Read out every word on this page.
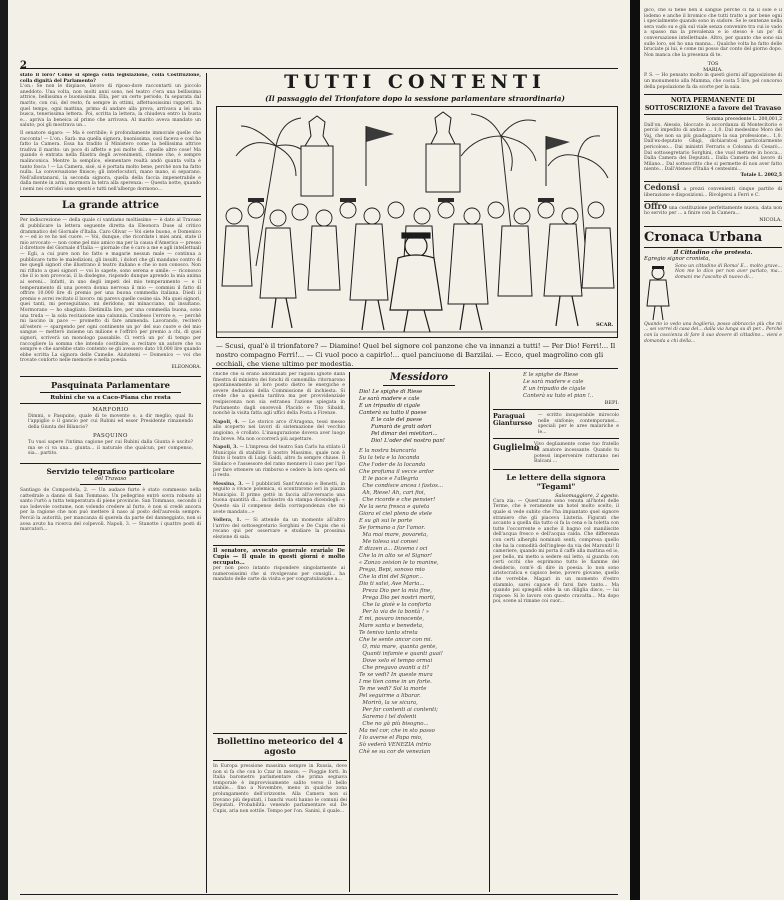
2
stato il loro? Come si spiega colla legislazione, colla Costituzione, colla dignità del Parlamento?
L'on.: Se non le dispiace, lavoro di riposo-dore raccontarti un piccolo aneddoto. Una volta, non molti anni sono, nel teatro c'era una bellissima attrice, bellissima e buonissima. Ella, per un certo periodo, fu separata dal marito, con cui, del resto, fu sempre in ottimi, affettuosissimi rapporti. In quel tempo, ogni mattina, prima di andare alla prova, arrivava a lei una busca, tenerissima lettera. Poi, scritta la lettera, la chiudeva entro la busta e... apriva la beneica al primo che arrivava. Al marito aveva mandato un saluto; poi gli mostrava un...
Il senatore sigaro: — Ma è cerribile; è profondamente immorale quelle che racconta! — L'on.: Sarà: ma quella signora, buonissima, così faceva e così ha fatto la Camera. Essa ha tradito il Ministero come la bellissima attrice tradiva il marito: un poco di affetto e poi molte di... quelle altre cose! Ma quando è entrata nella filastra degli avvenimenti, ritenne che, è sempre malinconica. Mentre la semplice, elementare realtà andò quanta volta è tanto fosca ! — La Camera, sisé, si è portata molto bene, perché non ha fatto nulla. La conversazione finisce; gli interlocutori, mano mano, si separano. Nell'allontanarsi, la seconda signora, quella della faccia impenetrabile e dalla mente in armi, mormora la tetra alla sperenza: — Questa notte, quando i nemi nei corridoi sono spenti e tutti nell'albergo dormono...
La grande attrice
Per indiscrezione — della quale ci vantiamo moltissimo — è dato al Travaso di pubblicare la lettera seguente diretta da Eleonora Duse al critico drammatico del Giornale d'Italia. Caro Olivar — Voi siete buono, e Domenico e — ed io ve ho nel cuore. — Voi, dunque, che ricordate i miei anni, state il mio avvocato — non come pel mio amico ma per la causa d'America — presso il direttore del Giornale d'Italia — giornale che è caro a me e agli intellettuali — Egli, a cui pure non ho fatto e magarie nessun male — continua a pubblicare tutte le maledizioni, gli insulti, i dolori che gli mandano contro di me quegli signori che illustrano il teatro italiano e che io non conosco. Non mi rifiuto a quei signori — voi lo sapete, sono serena e umile: — riconosco che il io non provocai, il la disdegno, rispondo dunque aprendo la mia anima ai sereni... Infatti, in uno degli impeti del mio temperamento — e il temperamento di una povera donna nervosa il mio — commisi il fatto di offrire 10.000 lire di premio per una buona commedia italiana. Diedi il premio e avrei recitato il lavoro: mi parevs quelle cosine sia. Ma quei signori, quei tanti, mi perseguitano, mi deridono, mi minacciano, mi insultano. Mormorano — ho sbagliato. Dietimilla lire, per una commedia buona, sono una truda — la sola recitazione una calunnia. Confesso l'errore e, — perchè mi lascino in pace — prometto di fare ammenda. Lavorando, reciterò all'estero — spargendo per ogni continente un po' del suo cuore e del mio sangue — metterò insieme un milione e l'offrirò per premio a chi, di quei signori, scriverà un monologo passabile. Ci verrà un po' di tempo per raccogliere la somma che intendo costituire, a recitare un autore che va sempre e che sarebbe stato contento se gli avessero dato 10,000 lire quando ebbe scritta La signora delle Camelie. Aiutatemi — Domenico — voi che trovate conforto nelle memorie e nella poesia.
ELEONORA.
Pasquinata Parlamentare
Rubini che va a Caco-Piana che resta
MARFORIO
Dimmi, o Pasquino, quale di te movente o, a dir meglio, qual fu l'appiglio o il gancio per cui Rubini ed esser Presidente rimanendo della Giunta del Bilancio?
PASQUINO
Tu vuoi sapere l'intima cagione per cui Rubini dalla Giunta è uscito? ma se ci va una... giunta... il naturale che qualcun, per compenso, sia... partito.
Servizio telegrafico particolare
del Travaso
Santiago de Compostela, 2. — Un audace furto è stato commesso nella cattedrale a danno di San Tommaso. Un pellegrino entrò sovra robusto al santo l'urtò a tutta temperatura di piene provincie. San Tommaso, secondo il suo lodevole costume, non volendo credere al furto, è non si credè ancora per la ragione che non può mettere il naso al posto dell'aureola sempre. Perciò la autorità, per mancanza di querela da parte del danneggiato, non si avea avuto ha ricerca del colpevoli. Napoli, 3. — Stanotte i quattro posti di marcatori...
TUTTI CONTENTI
(Il passaggio del Trionfatore dopo la sessione parlamentare straordinaria)
SCAR.
— Scusi, qual'è il trionfatore? — Diamine! Quel bel signore col panzone che va innanzi a tutti! — Per Dio! Ferri!... Il nostro compagno Ferri!... — Ci vuol poco a capirlo!... quel panciuone di Barzilai. — Ecco, quel magrolino con gli occhiali, che viene ultimo per modestia.
chiche che si erano allontanati per ragioni ignote dalla finestra di ministro dei fonchi di camomilla: ritornarono spontaneamente al loro posto dietro le energiche e severe deduzioni della Commissione di inchiesta. Si crede che a questa tardiva ma per provvidenziale resipiscenza non sia estranea l'azione spiegata in Parlamento dagli onorevoli Placido e Tito Sibaldi, nonchè la visita fatta agli uffici della Posta a Firenze.
Napoli, 4. — Le storico arco d'Aragona, tessi messo allo scoperto nei lavori di sistemazione del vecchio angioino, è crollato. L'inaugurazione doveva aver luogo fra breve. Ma non occorrerà più aspettare.
Napoli, 3. — L'impresa del teatro San Carlo ha stilato il Municipio di stabilire il nostro Massimo, quale non è finito il teatro di Luigi Galdi, altro fa sempre chiuse. Il Sindaco e l'assessore del ramo mennero il caso per l'ipo per fare ottenere un rimborso e cedere la loro opera ed il resto.
Messina, 3. — I pubblicisti Sant'Antonio e Benetti, in seguito a vivace polemica, si scontrarono ieri in piazza Municipio. Il primo gettò in faccia all'avversario una buona quantità di... inchiostro da stampa dicendogli: « Questo sia il compenso della corrispondenza che mi avete mandato...»
Vollera, 1. — Si attende da un momento all'altro l'arrivo del sottosegretario Sorghini e De Cupis che si recano qui per osservare e studiare la prossima elezione di sala.
Il senatore, avvocato generale erariale De Cupis — Il quale in questi giorni è molto occupato...
per non poco intanto rispondere singolarmente ai numerosissimi che si rivolgevano per consigli... ha mandato delle carte da visita e per congratulazione a...
Bollettino meteorico del 4 agosto
In Europa pressione massima sempre in Russia, dove non si fa che con lo Czar in mezzo. — Pioggie forti. In Italia barometro parlamentare che prima segnava temporale è improvvisamente salito verso il bello stabile... fino a Novembre, meno in qualche zona prolungamento dell'orizzonte. Alla Camera non si trovano più deputati, i banchi vuoti hanno le comuni dei Deputati. Probabilità: venendo parlamentare sul De Cupis, aria non sottile. Tempo per l'on. Sanini, il quale...
Messidoro
Dio! Le spighe di Riese
Le sarà madere e cale
E un tripudio di cigale
Canterà su tutto il paese
E le cale del paese
Fumarà de grati odori
Pel dimar dei mietitori...
Dio! L'oder del nostro pan!
E la nostra biancaria
Su la tela e la locanda
Che l'oder de la locanda
Che profuma il vecce ardor
E le pace e l'allegria
Che condisce ancea i fastos...
Ah, Riese! Ah, cari fioi,
Che ricorde e che pensier!
Ne la sera fresca e quieta
Giora el ciel pleno de stele
E su gli sui le porte
Se formano a far l'amor.
Ma mai mare, povareta,
Me tolesa sui consei
E dizzen a... Dizemo i oci
Che la in alto xe el Signor!
« Zonzo zeision le to manine,
Prega, Bepi, sonoso mio
Che la dini del Signor...
Dio ti salvi, Ave Maria...
Preza Dio per la mia fine,
Prega Dio pei nostri morti,
Che la gioiè e la conforta
Per la via de la bontà ! »
E mi, povaro innocente,
Mare santa e benedeta,
Te tenivo tanto streta
Che te sente ancor con mi.
O, mia mare, quanta gente,
Quanti infamie e quanti guai!
Dove xelo el tempo ormai
Che pregavo avanti a ti?
Te xe vedi? In queste mura
I me tien come in un forte.
Te me vedi? Sol la morte
Pel seguirme a libarar.
Morirò, la xe sicura,
Per far contenti ai contenti;
Saremo i tel dolenti
Che no gà più bisogno...
Ma nel cor, che in sto passo
I lo averse el Papa mio,
Sò vederà VENEZIA intrio
Chè se su cor de venezian
E le spighe de Riese
Le sarà madere e cale
E un tripudio de cigale
Canterà su tuto el pian !..
BEPI.
Paraguai Giantursso
— scritto insuperabile mirocolo nelle sinfonie; contemporanei... speciali per le aree malariche e le...
Guglielmo
Vivo degliamente come tuo fratello ed amatore incessante. Quando tu potessi impervenire ratturano nei Balcani ...
Le lettere della signora "Tegami"
Salsomaggiore, 2 agosto.
Cara zia: — Quest'anno sono venuta all'hotel delle Terme, che è veramente un hotel molto scelto, il quale si vede subito che l'ha impiantato quel signore straniero che gli piaceva Liuteria. Figurati che accanto a quella dia tutto oi fa la cena e la toletta con tutte l'occorrente e anche il bagno col maniliscite dell'acqua fresco e dell'acqua calda. Che differenza con certi alberghi nominati senti, compresa quello che ha la comodità dell'inglese da via dei Maroniti! Il cameriere, quando mi porta il caffè alla mattina ed io, per bello, mi metto a sedere sul letto, si guarda con certi occhi che esprimono tutto le fiamme del desiderio, com'è di dire in poesia. Io non sono aristocratica e capisco bene, povero giovane, quello che vorrebbe. Magari in un momento d'estro stammlo, sarei capace di farsi fare tanto... Ma quando poi spiegelli ebbe la un diliglia disco, — lui rispose: Si lo lavoro con questo cravatta... Ma dopo poi, scene al rimane coi cuor...
gico, che si tiene ben il sangue perchè ci ha il sole e il lodemo e anche il bromico che tutti tratto a por bene ogni i specialmente quando sono in sudore. Se le sentenze nella sera vado su e giù sul viale senza convenire tra cui io vado a spasso ma la prevalenza e io stesso è un po' di conversazione intellettuale. Altro, per quanto che sono sia sulle loro, sei ho una manna... Qualche volta ho fatto delle bruciate pi lui, è come mi posso dar conto del giorno dopo. Non manca che la presenza di te.
TOS
MARIA.
P. S. — Ho pensato molto in questi giorni all'apposizione di un monumento alla Mamma, che costa 5 lire, pel concorso della popolazione fa da scorte per la saia.
NOTA PERMANENTE DI SOTTOSCRIZIONE a favore del Travaso
Somma precedente L. 200,001,2
Dall'on. Alessio, bloccato in accordanza di Montecitorio e perciò impedito di andare ... 1,0. Dal medesimo Moro del Vaj, che non sa più guadagnare la sua professione... 1,0. Dall'ex-deputato Ghigi, dichiaratosi particolarmente pericoloso... Dai ministri Ferraris e Colonna di Cesarò... Dal sottosegretario Sorghini, che vuol mettere in bocca... Dalla Camera dei Deputati... Dalla Camera del lavoro di Milano... Dal sottoscritto che si permette di non aver fatto niente... Dall'Ateneo d'Italia 4 centesimi...
Totale L. 2002,5
Cedonsi a prezzi convenienti cinque partite di liberazione e disposizioni... Rivolgersi a Ferri e C.
Offro una costituzione perfettamente nuova, data non ho servito per ... a finire con la Camera...
NICOLA.
Cronaca Urbana
Il Cittadino che protesta.
Egregio signor cronista,
Sono un cittadino di Roma! E... molto grave... Non me lo dico per non aver parlato, ma... domani me l'ascolto di nuovo di...
Quando io vedo una boglieria, posso abbraccio più che mi ... sei vorrei di casa del... dalla via lunga su di per... Perchè con la coscienza di fare il suo dovere di cittadino... vieni e domanda a chi della...
